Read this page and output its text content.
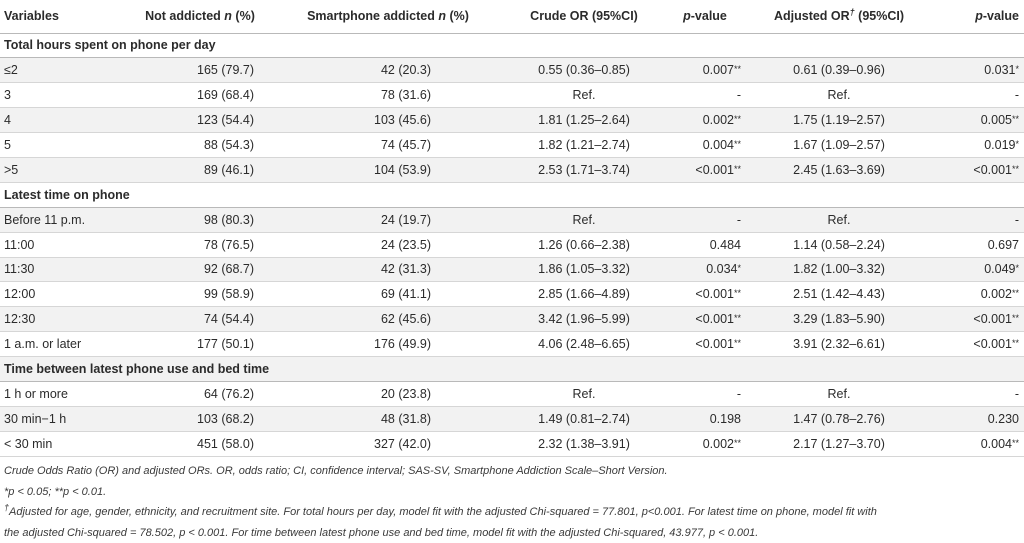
Variables	Not addicted n (%)	Smartphone addicted n (%)	Crude OR (95%CI)	p-value	Adjusted OR† (95%CI)	p-value
Total hours spent on phone per day						
≤2	165 (79.7)	42 (20.3)	0.55 (0.36–0.85)	0.007**	0.61 (0.39–0.96)	0.031*
3	169 (68.4)	78 (31.6)	Ref.	-	Ref.	-
4	123 (54.4)	103 (45.6)	1.81 (1.25–2.64)	0.002**	1.75 (1.19–2.57)	0.005**
5	88 (54.3)	74 (45.7)	1.82 (1.21–2.74)	0.004**	1.67 (1.09–2.57)	0.019*
>5	89 (46.1)	104 (53.9)	2.53 (1.71–3.74)	<0.001**	2.45 (1.63–3.69)	<0.001**
Latest time on phone						
Before 11 p.m.	98 (80.3)	24 (19.7)	Ref.	-	Ref.	-
11:00	78 (76.5)	24 (23.5)	1.26 (0.66–2.38)	0.484	1.14 (0.58–2.24)	0.697
11:30	92 (68.7)	42 (31.3)	1.86 (1.05–3.32)	0.034*	1.82 (1.00–3.32)	0.049*
12:00	99 (58.9)	69 (41.1)	2.85 (1.66–4.89)	<0.001**	2.51 (1.42–4.43)	0.002**
12:30	74 (54.4)	62 (45.6)	3.42 (1.96–5.99)	<0.001**	3.29 (1.83–5.90)	<0.001**
1 a.m. or later	177 (50.1)	176 (49.9)	4.06 (2.48–6.65)	<0.001**	3.91 (2.32–6.61)	<0.001**
Time between latest phone use and bed time						
1 h or more	64 (76.2)	20 (23.8)	Ref.	-	Ref.	-
30 min−1 h	103 (68.2)	48 (31.8)	1.49 (0.81–2.74)	0.198	1.47 (0.78–2.76)	0.230
< 30 min	451 (58.0)	327 (42.0)	2.32 (1.38–3.91)	0.002**	2.17 (1.27–3.70)	0.004**
Crude Odds Ratio (OR) and adjusted ORs. OR, odds ratio; CI, confidence interval; SAS-SV, Smartphone Addiction Scale–Short Version.
*p < 0.05; **p < 0.01.
†Adjusted for age, gender, ethnicity, and recruitment site. For total hours per day, model fit with the adjusted Chi-squared = 77.801, p<0.001. For latest time on phone, model fit with
the adjusted Chi-squared = 78.502, p < 0.001. For time between latest phone use and bed time, model fit with the adjusted Chi-squared, 43.977, p < 0.001.
